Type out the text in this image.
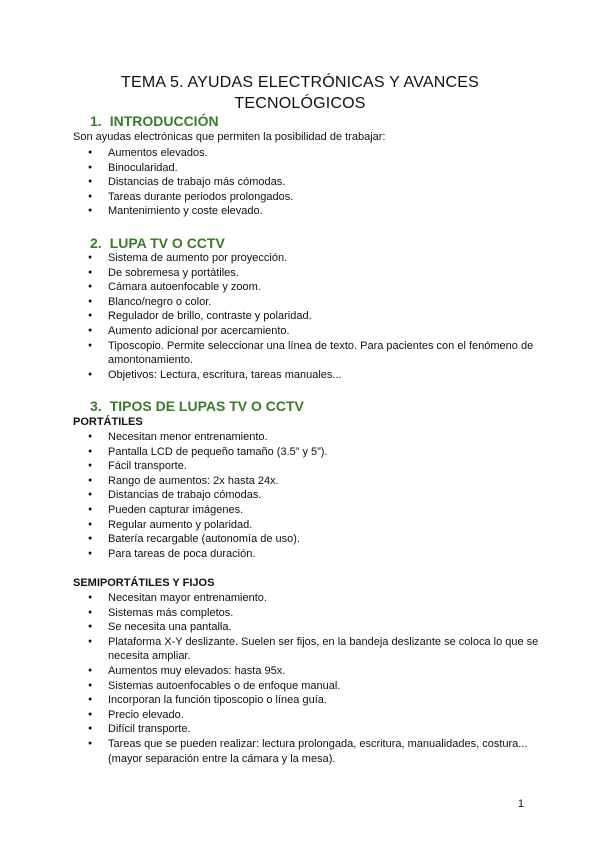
TEMA 5. AYUDAS ELECTRÓNICAS Y AVANCES
TECNOLÓGICOS
1. INTRODUCCIÓN
Son ayudas electrónicas que permiten la posibilidad de trabajar:
● Aumentos elevados.
● Binocularidad.
● Distancias de trabajo más cómodas.
● Tareas durante periodos prolongados.
● Mantenimiento y coste elevado.
2. LUPA TV O CCTV
● Sistema de aumento por proyección.
● De sobremesa y portátiles.
● Cámara autoenfocable y zoom.
● Blanco/negro o color.
● Regulador de brillo, contraste y polaridad.
● Aumento adicional por acercamiento.
● Tiposcopio. Permite seleccionar una línea de texto. Para pacientes con el fenómeno de amontonamiento.
● Objetivos: Lectura, escritura, tareas manuales...
3. TIPOS DE LUPAS TV O CCTV
PORTÁTILES
● Necesitan menor entrenamiento.
● Pantalla LCD de pequeño tamaño (3.5” y 5”).
● Fácil transporte.
● Rango de aumentos: 2x hasta 24x.
● Distancias de trabajo cómodas.
● Pueden capturar imágenes.
● Regular aumento y polaridad.
● Batería recargable (autonomía de uso).
● Para tareas de poca duración.
SEMIPORTÁTILES Y FIJOS
● Necesitan mayor entrenamiento.
● Sistemas más completos.
● Se necesita una pantalla.
● Plataforma X-Y deslizante. Suelen ser fijos, en la bandeja deslizante se coloca lo que se necesita ampliar.
● Aumentos muy elevados: hasta 95x.
● Sistemas autoenfocables o de enfoque manual.
● Incorporan la función tiposcopio o línea guía.
● Precio elevado.
● Difícil transporte.
● Tareas que se pueden realizar: lectura prolongada, escritura, manualidades, costura... (mayor separación entre la cámara y la mesa).
1
